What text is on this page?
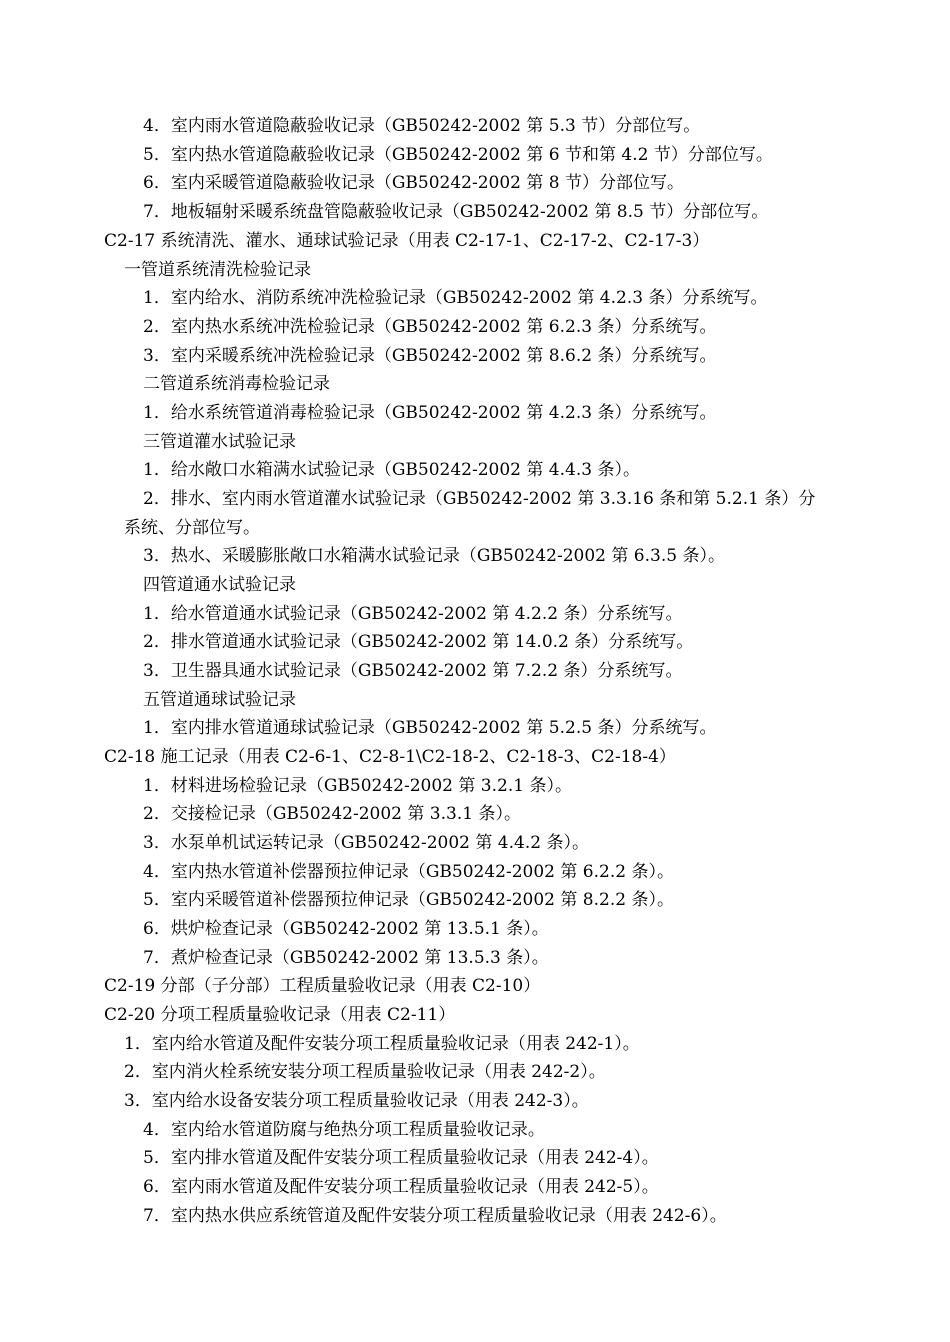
4．室内雨水管道隐蔽验收记录（GB50242-2002 第 5.3 节）分部位写。
5．室内热水管道隐蔽验收记录（GB50242-2002 第 6 节和第 4.2 节）分部位写。
6．室内采暖管道隐蔽验收记录（GB50242-2002 第 8 节）分部位写。
7．地板辐射采暖系统盘管隐蔽验收记录（GB50242-2002 第 8.5 节）分部位写。
C2-17 系统清洗、灌水、通球试验记录（用表 C2-17-1、C2-17-2、C2-17-3）
一管道系统清洗检验记录
1．室内给水、消防系统冲洗检验记录（GB50242-2002 第 4.2.3 条）分系统写。
2．室内热水系统冲洗检验记录（GB50242-2002 第 6.2.3 条）分系统写。
3．室内采暖系统冲洗检验记录（GB50242-2002 第 8.6.2 条）分系统写。
二管道系统消毒检验记录
1．给水系统管道消毒检验记录（GB50242-2002 第 4.2.3 条）分系统写。
三管道灌水试验记录
1．给水敞口水箱满水试验记录（GB50242-2002 第 4.4.3 条）。
2．排水、室内雨水管道灌水试验记录（GB50242-2002 第 3.3.16 条和第 5.2.1 条）分
系统、分部位写。
3．热水、采暖膨胀敞口水箱满水试验记录（GB50242-2002 第 6.3.5 条）。
四管道通水试验记录
1．给水管道通水试验记录（GB50242-2002 第 4.2.2 条）分系统写。
2．排水管道通水试验记录（GB50242-2002 第 14.0.2 条）分系统写。
3．卫生器具通水试验记录（GB50242-2002 第 7.2.2 条）分系统写。
五管道通球试验记录
1．室内排水管道通球试验记录（GB50242-2002 第 5.2.5 条）分系统写。
C2-18 施工记录（用表 C2-6-1、C2-8-1\C2-18-2、C2-18-3、C2-18-4）
1．材料进场检验记录（GB50242-2002 第 3.2.1 条）。
2．交接检记录（GB50242-2002 第 3.3.1 条）。
3．水泵单机试运转记录（GB50242-2002 第 4.4.2 条）。
4．室内热水管道补偿器预拉伸记录（GB50242-2002 第 6.2.2 条）。
5．室内采暖管道补偿器预拉伸记录（GB50242-2002 第 8.2.2 条）。
6．烘炉检查记录（GB50242-2002 第 13.5.1 条）。
7．煮炉检查记录（GB50242-2002 第 13.5.3 条）。
C2-19 分部（子分部）工程质量验收记录（用表 C2-10）
C2-20 分项工程质量验收记录（用表 C2-11）
1．室内给水管道及配件安装分项工程质量验收记录（用表 242-1）。
2．室内消火栓系统安装分项工程质量验收记录（用表 242-2）。
3．室内给水设备安装分项工程质量验收记录（用表 242-3）。
4．室内给水管道防腐与绝热分项工程质量验收记录。
5．室内排水管道及配件安装分项工程质量验收记录（用表 242-4）。
6．室内雨水管道及配件安装分项工程质量验收记录（用表 242-5）。
7．室内热水供应系统管道及配件安装分项工程质量验收记录（用表 242-6）。
